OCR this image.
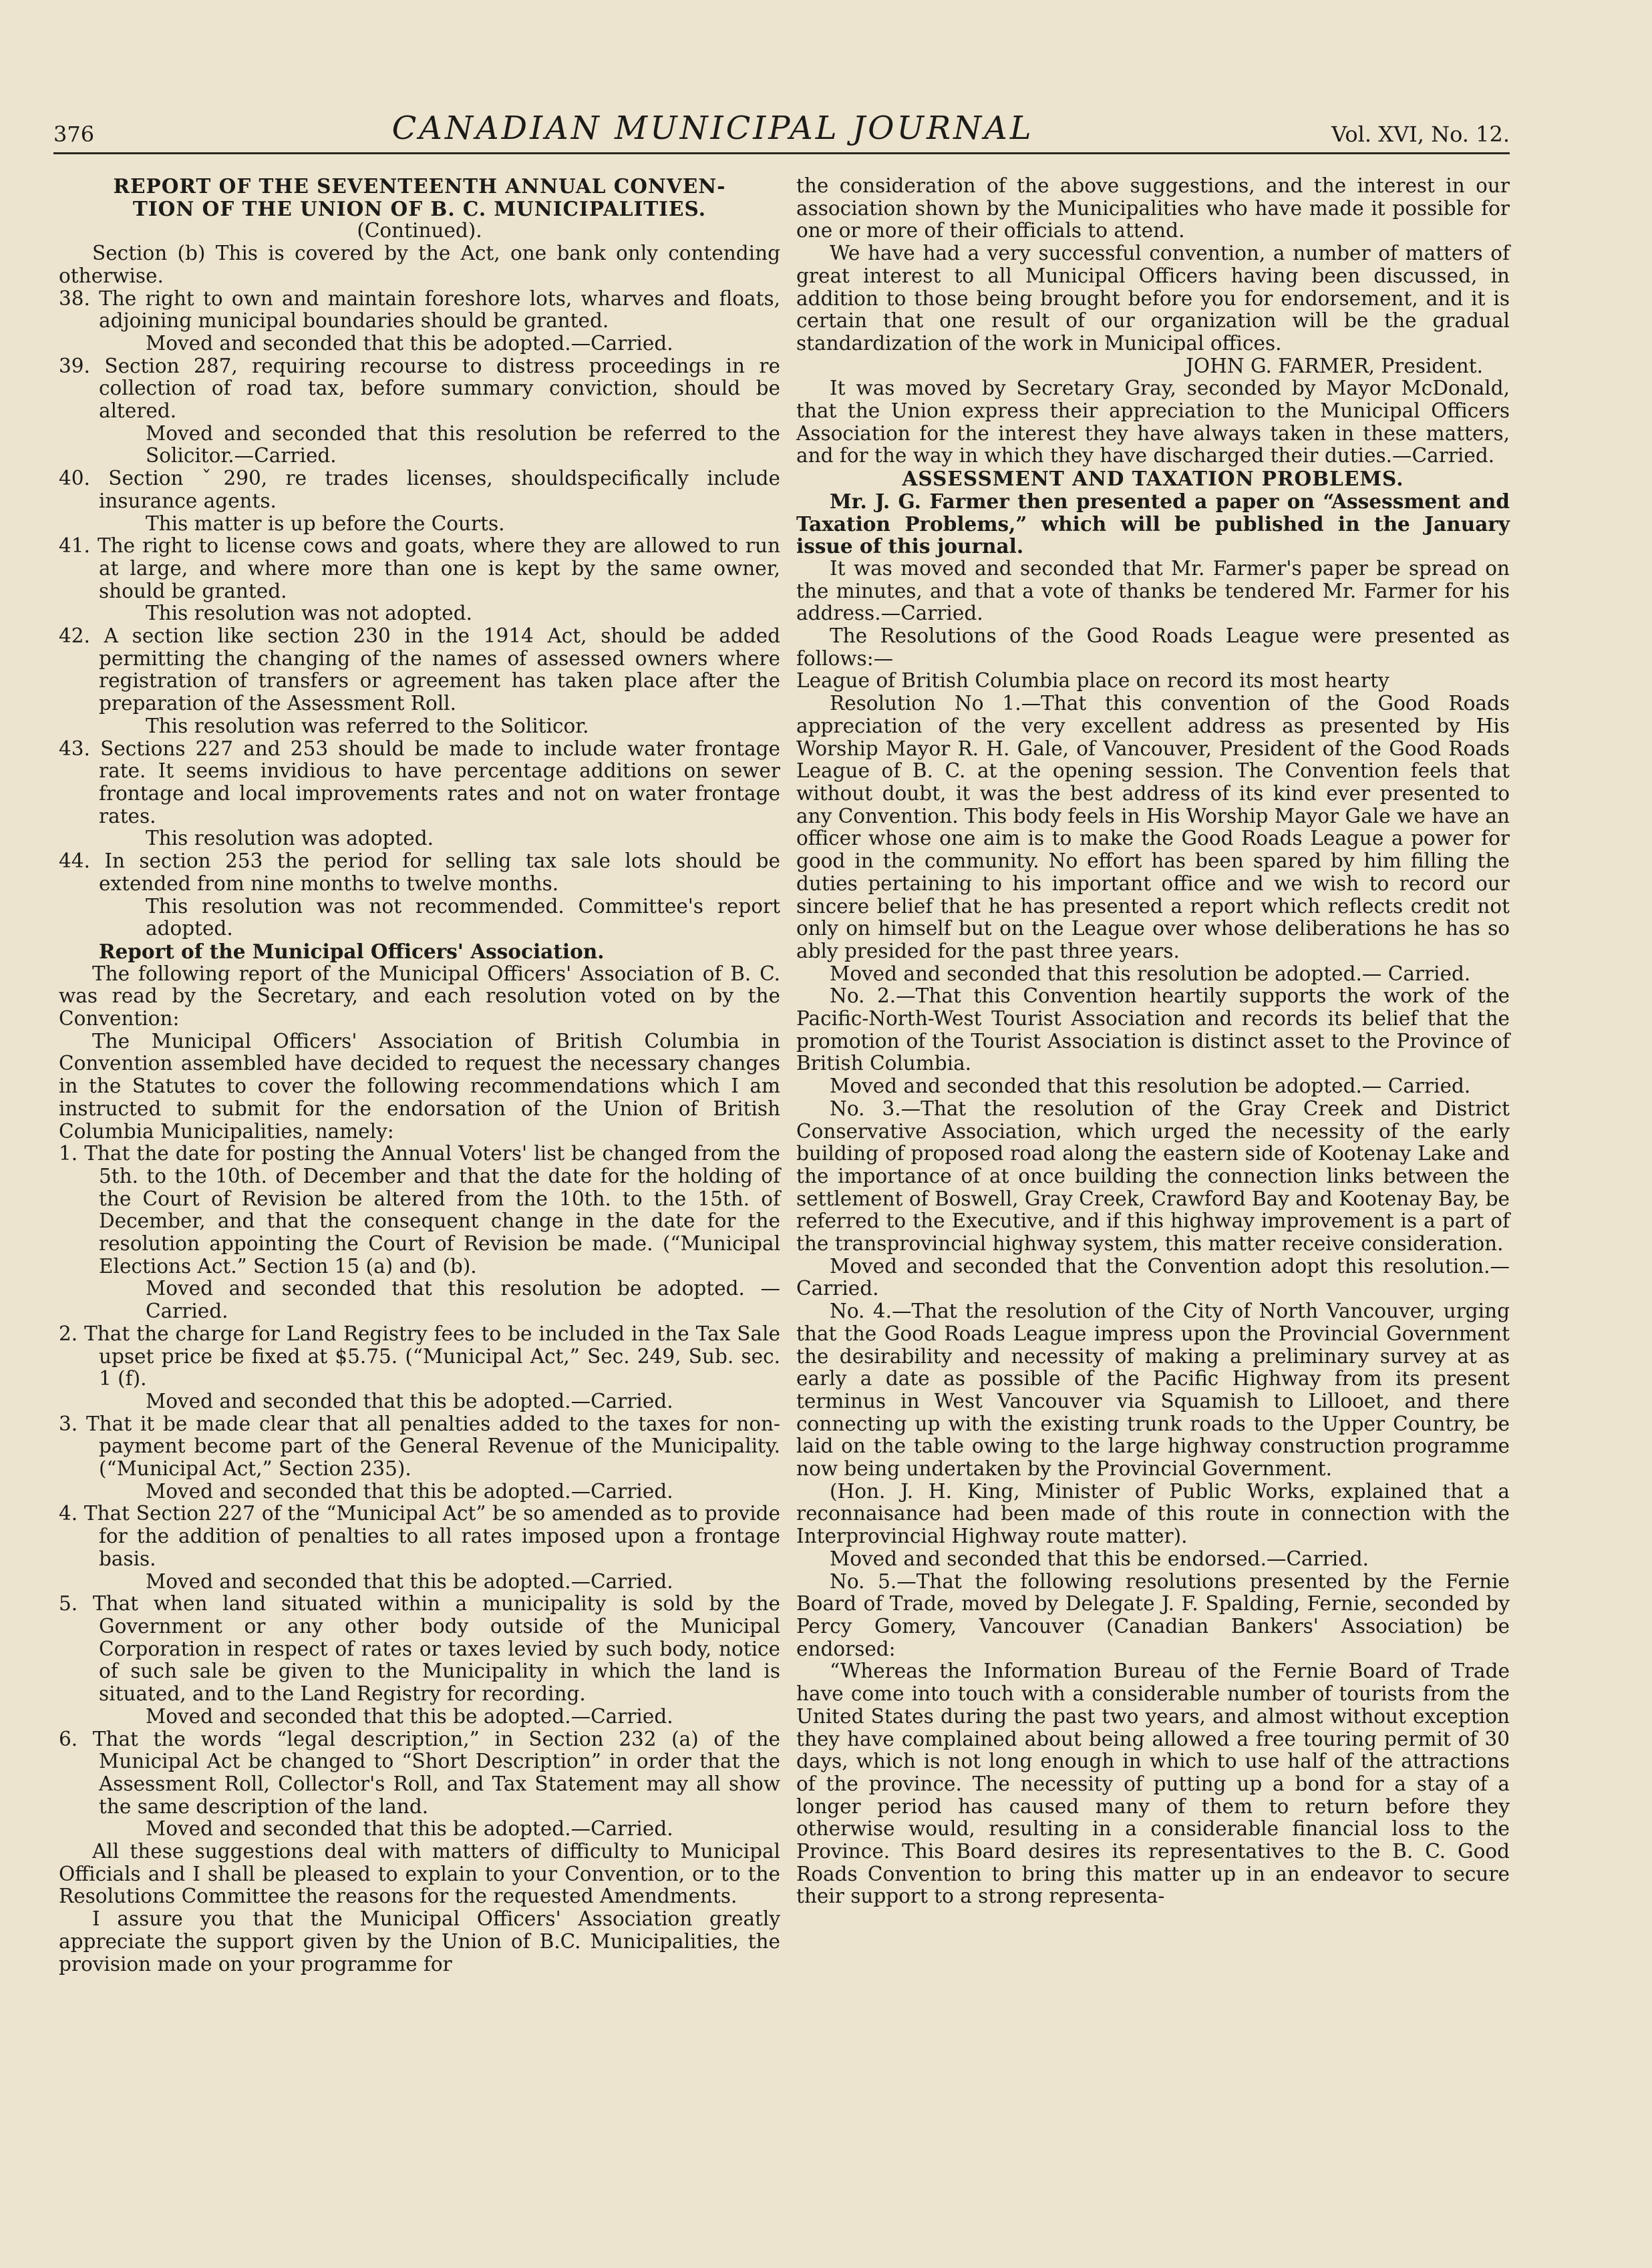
376	CANADIAN MUNICIPAL JOURNAL	Vol. XVI, No. 12.

REPORT OF THE SEVENTEENTH ANNUAL CONVEN-

TION OF THE UNION OF B. C. MUNICIPALITIES.

(Continued).

Section (b) This is covered by the Act, one bank only contending otherwise.

38. The right to own and maintain foreshore lots, wharves and floats, adjoining municipal boundaries should be granted.

Moved and seconded that this be adopted.—Carried.

39. Section 287, requiring recourse to distress proceedings in re collection of road tax, before summary conviction, should be altered.

Moved and seconded that this resolution be referred to the Solicitor.—Carried.

40. Section ˇ290, re trades licenses, shouldspecifically include insurance agents.

This matter is up before the Courts.

41. The right to license cows and goats, where they are allowed to run at large, and where more than one is kept by the same owner, should be granted.

This resolution was not adopted.

42. A section like section 230 in the 1914 Act, should be added permitting the changing of the names of assessed owners where registration of transfers or agreement has taken place after the preparation of the Assessment Roll.

This resolution was referred to the Soliticor.

43. Sections 227 and 253 should be made to include water frontage rate. It seems invidious to have percentage additions on sewer frontage and local improvements rates and not on water frontage rates.

This resolution was adopted.

44. In section 253 the period for selling tax sale lots should be extended from nine months to twelve months.

This resolution was not recommended. Committee's report adopted.

Report of the Municipal Officers' Association.

The following report of the Municipal Officers' Association of B. C. was read by the Secretary, and each resolution voted on by the Convention:

The Municipal Officers' Association of British Columbia in Convention assembled have decided to request the necessary changes in the Statutes to cover the following recommendations which I am instructed to submit for the endorsation of the Union of British Columbia Municipalities, namely:

1. That the date for posting the Annual Voters' list be changed from the 5th. to the 10th. of December and that the date for the holding of the Court of Revision be altered from the 10th. to the 15th. of December, and that the consequent change in the date for the resolution appointing the Court of Revision be made. (“Municipal Elections Act.” Section 15 (a) and (b).

Moved and seconded that this resolution be adopted. —Carried.

2. That the charge for Land Registry fees to be included in the Tax Sale upset price be fixed at $5.75. (“Municipal Act,” Sec. 249, Sub. sec. 1 (f).

Moved and seconded that this be adopted.—Carried.

3. That it be made clear that all penalties added to the taxes for non-payment become part of the General Revenue of the Municipality. (“Municipal Act,” Section 235).

Moved and seconded that this be adopted.—Carried.

4. That Section 227 of the “Municipal Act” be so amended as to provide for the addition of penalties to all rates imposed upon a frontage basis.

Moved and seconded that this be adopted.—Carried.

5. That when land situated within a municipality is sold by the Government or any other body outside of the Municipal Corporation in respect of rates or taxes levied by such body, notice of such sale be given to the Municipality in which the land is situated, and to the Land Registry for recording.

Moved and seconded that this be adopted.—Carried.

6. That the words “legal description,” in Section 232 (a) of the Municipal Act be changed to “Short Description” in order that the Assessment Roll, Collector's Roll, and Tax Statement may all show the same description of the land.

Moved and seconded that this be adopted.—Carried.

All these suggestions deal with matters of difficulty to Municipal Officials and I shall be pleased to explain to your Convention, or to the Resolutions Committee the reasons for the requested Amendments.

I assure you that the Municipal Officers' Association greatly appreciate the support given by the Union of B.C. Municipalities, the provision made on your programme for

the consideration of the above suggestions, and the interest in our association shown by the Municipalities who have made it possible for one or more of their officials to attend.

We have had a very successful convention, a number of matters of great interest to all Municipal Officers having been discussed, in addition to those being brought before you for endorsement, and it is certain that one result of our organization will be the gradual standardization of the work in Municipal offices.

JOHN G. FARMER, President.

It was moved by Secretary Gray, seconded by Mayor McDonald, that the Union express their appreciation to the Municipal Officers Association for the interest they have always taken in these matters, and for the way in which they have discharged their duties.—Carried.

ASSESSMENT AND TAXATION PROBLEMS.

Mr. J. G. Farmer then presented a paper on “Assessment and Taxation Problems,” which will be published in the January issue of this journal.

It was moved and seconded that Mr. Farmer's paper be spread on the minutes, and that a vote of thanks be tendered Mr. Farmer for his address.—Carried.

The Resolutions of the Good Roads League were presented as follows:—

League of British Columbia place on record its most hearty

Resolution No 1.—That this convention of the Good Roads appreciation of the very excellent address as presented by His Worship Mayor R. H. Gale, of Vancouver, President of the Good Roads League of B. C. at the opening session. The Convention feels that without doubt, it was the best address of its kind ever presented to any Convention. This body feels in His Worship Mayor Gale we have an officer whose one aim is to make the Good Roads League a power for good in the community. No effort has been spared by him filling the duties pertaining to his important office and we wish to record our sincere belief that he has presented a report which reflects credit not only on himself but on the League over whose deliberations he has so ably presided for the past three years.

Moved and seconded that this resolution be adopted.— Carried.

No. 2.—That this Convention heartily supports the work of the Pacific-North-West Tourist Association and records its belief that the promotion of the Tourist Association is distinct asset to the Province of British Columbia.

Moved and seconded that this resolution be adopted.— Carried.

No. 3.—That the resolution of the Gray Creek and District Conservative Association, which urged the necessity of the early building of proposed road along the eastern side of Kootenay Lake and the importance of at once building the connection links between the settlement of Boswell, Gray Creek, Crawford Bay and Kootenay Bay, be referred to the Executive, and if this highway improvement is a part of the transprovincial highway system, this matter receive consideration.

Moved and seconded that the Convention adopt this resolution.—Carried.

No. 4.—That the resolution of the City of North Vancouver, urging that the Good Roads League impress upon the Provincial Government the desirability and necessity of making a preliminary survey at as early a date as possible of the Pacific Highway from its present terminus in West Vancouver via Squamish to Lillooet, and there connecting up with the existing trunk roads to the Upper Country, be laid on the table owing to the large highway construction programme now being undertaken by the Provincial Government.

(Hon. J. H. King, Minister of Public Works, explained that a reconnaisance had been made of this route in connection with the Interprovincial Highway route matter).

Moved and seconded that this be endorsed.—Carried.

No. 5.—That the following resolutions presented by the Fernie Board of Trade, moved by Delegate J. F. Spalding, Fernie, seconded by Percy Gomery, Vancouver (Canadian Bankers' Association) be endorsed:

“Whereas the Information Bureau of the Fernie Board of Trade have come into touch with a considerable number of tourists from the United States during the past two years, and almost without exception they have complained about being allowed a free touring permit of 30 days, which is not long enough in which to use half of the attractions of the province. The necessity of putting up a bond for a stay of a longer period has caused many of them to return before they otherwise would, resulting in a considerable financial loss to the Province. This Board desires its representatives to the B. C. Good Roads Convention to bring this matter up in an endeavor to secure their support to a strong representa-
